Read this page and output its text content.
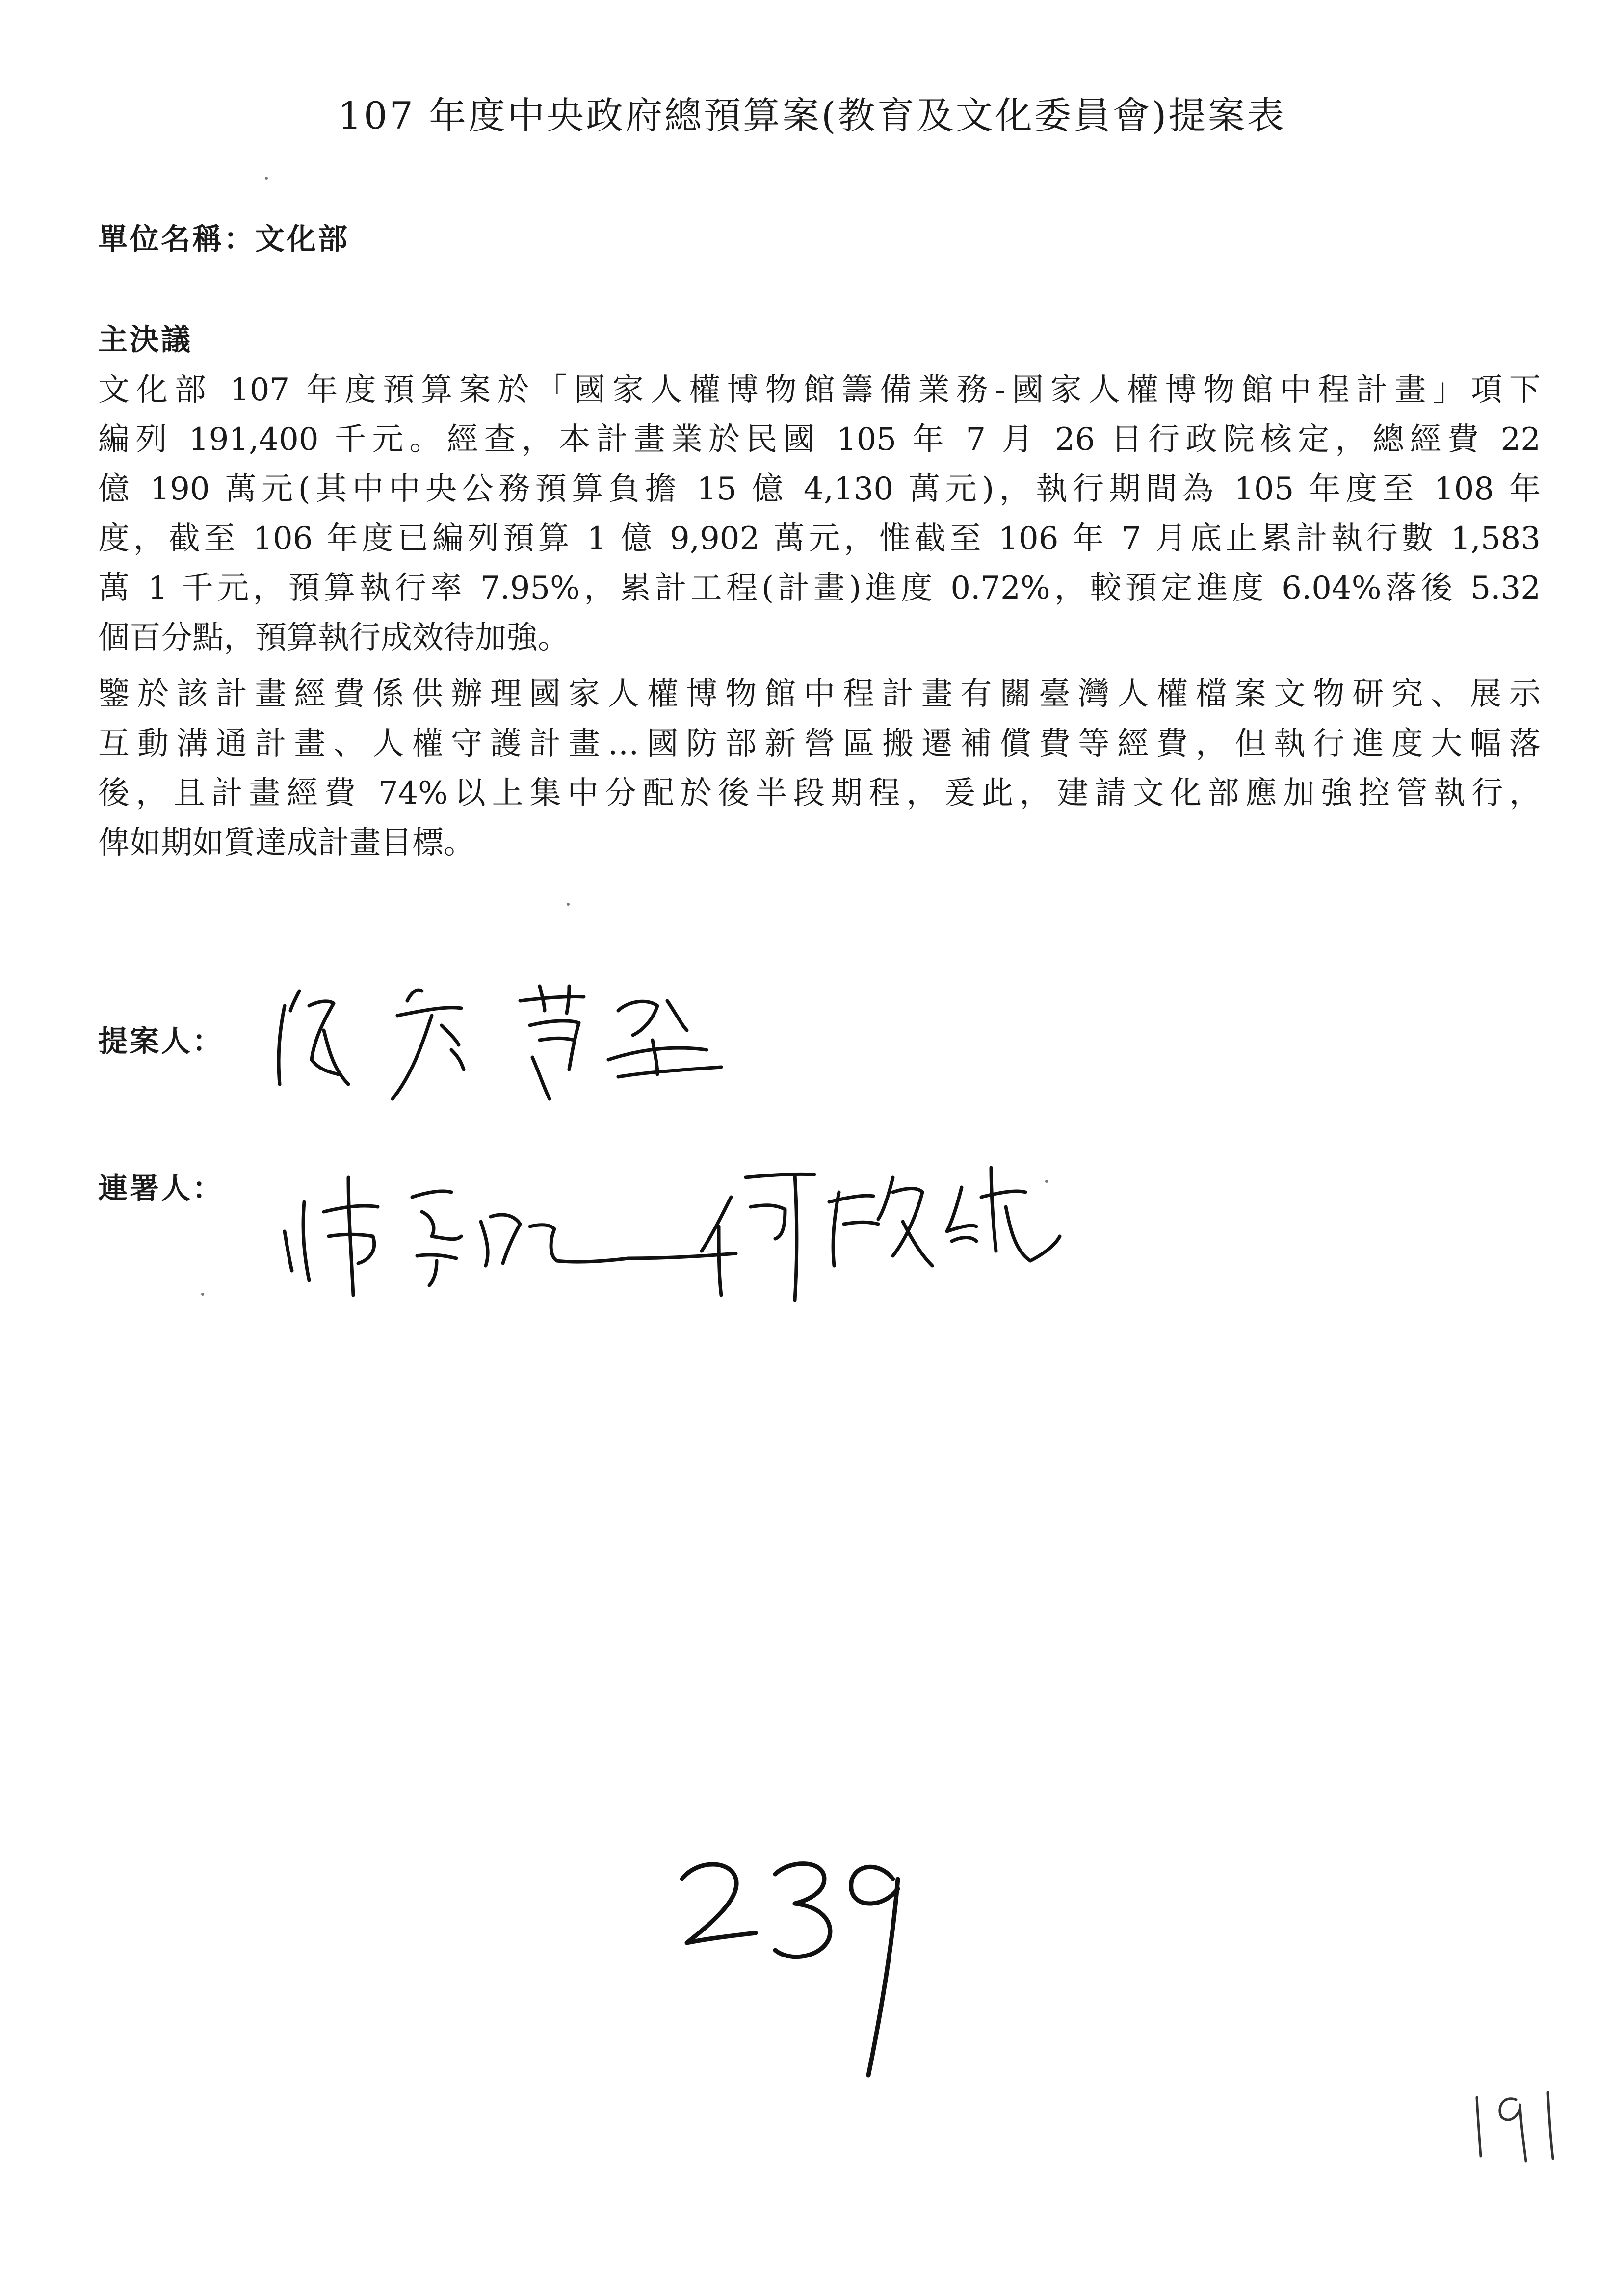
107 年度中央政府總預算案(教育及文化委員會)提案表
單位名稱：文化部
主決議
文化部 107 年度預算案於「國家人權博物館籌備業務-國家人權博物館中程計畫」項下
編列 191,400 千元。經查，本計畫業於民國 105 年 7 月 26 日行政院核定，總經費 22
億 190 萬元(其中中央公務預算負擔 15 億 4,130 萬元)，執行期間為 105 年度至 108 年
度，截至 106 年度已編列預算 1 億 9,902 萬元，惟截至 106 年 7 月底止累計執行數 1,583
萬 1 千元，預算執行率 7.95%，累計工程(計畫)進度 0.72%，較預定進度 6.04%落後 5.32
個百分點，預算執行成效待加強。
鑒於該計畫經費係供辦理國家人權博物館中程計畫有關臺灣人權檔案文物研究、展示
互動溝通計畫、人權守護計畫…國防部新營區搬遷補償費等經費，但執行進度大幅落
後，且計畫經費 74%以上集中分配於後半段期程，爰此，建請文化部應加強控管執行，
俾如期如質達成計畫目標。
提案人：
連署人：
